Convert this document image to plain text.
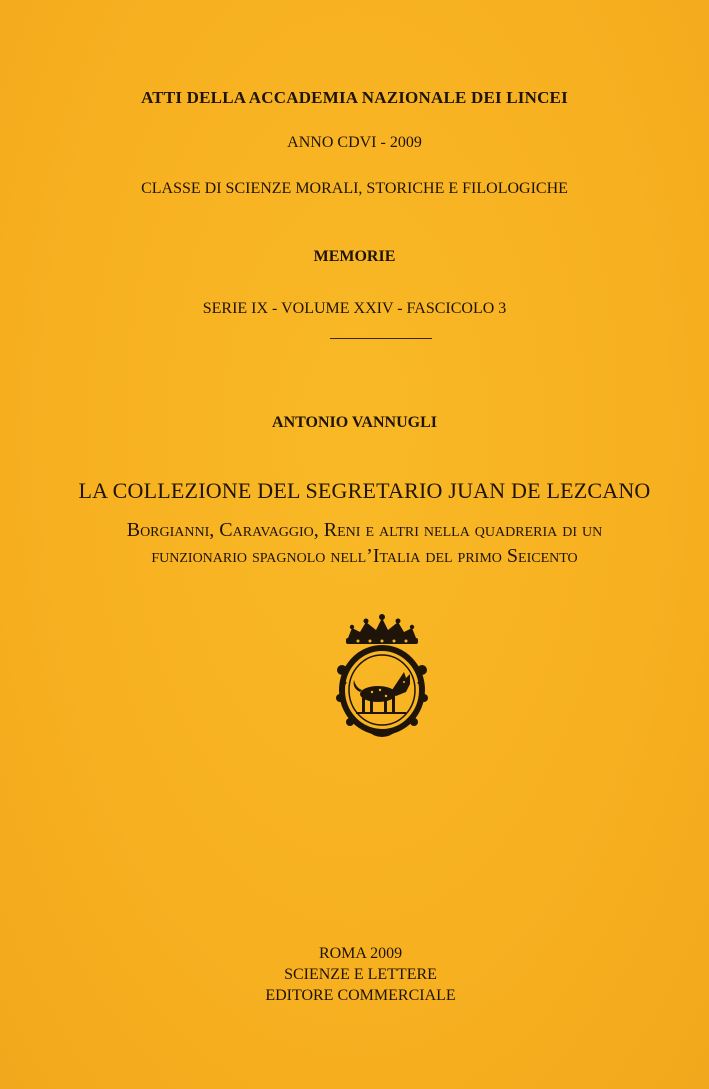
ATTI DELLA ACCADEMIA NAZIONALE DEI LINCEI
ANNO CDVI - 2009
CLASSE DI SCIENZE MORALI, STORICHE E FILOLOGICHE
MEMORIE
SERIE IX - VOLUME XXIV - FASCICOLO 3
ANTONIO VANNUGLI
LA COLLEZIONE DEL SEGRETARIO JUAN DE LEZCANO
Borgianni, Caravaggio, Reni e altri nella quadreria di un
funzionario spagnolo nell’Italia del primo Seicento
ROMA 2009
SCIENZE E LETTERE
EDITORE COMMERCIALE
